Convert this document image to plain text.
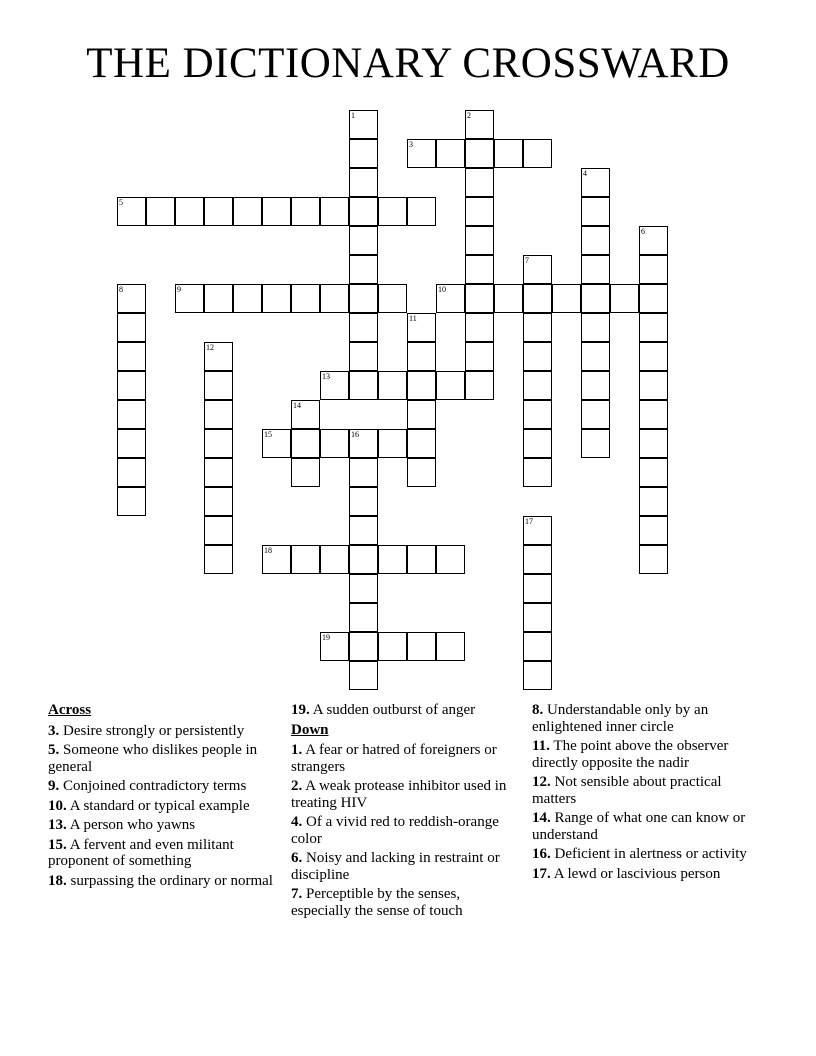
THE DICTIONARY CROSSWARD
1	2
3
4
5
6
7
8	9	10
11
12
13
14
15	16
17
18
19

Across

3. Desire strongly or persistently

5. Someone who dislikes people in general

9. Conjoined contradictory terms

10. A standard or typical example

13. A person who yawns

15. A fervent and even militant proponent of something

18. surpassing the ordinary or normal

19. A sudden outburst of anger

Down

1. A fear or hatred of foreigners or strangers

2. A weak protease inhibitor used in treating HIV

4. Of a vivid red to reddish-orange color

6. Noisy and lacking in restraint or discipline

7. Perceptible by the senses, especially the sense of touch

8. Understandable only by an enlightened inner circle

11. The point above the observer directly opposite the nadir

12. Not sensible about practical matters

14. Range of what one can know or understand

16. Deficient in alertness or activity

17. A lewd or lascivious person
